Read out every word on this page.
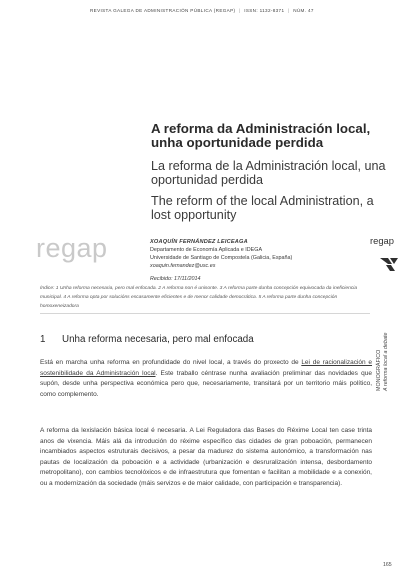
REVISTA GALEGA DE ADMINISTRACIÓN PÚBLICA (REGAP) | ISSN: 1132-8371 | NÚM. 47
A reforma da Administración local, unha oportunidade perdida
La reforma de la Administración local, una oportunidad perdida
The reform of the local Administration, a lost opportunity
regap	XOAQUÍN FERNÁNDEZ LEICEAGA
Departamento de Economía Aplicada e IDEGA
Universidade de Santiago de Compostela (Galicia, España)
xoaquin.fernandez@usc.es
Recibido: 17/11/2014
regap
MONOGRÁFICO A reforma local a debate
Índice: 1 Unha reforma necesaria, pero mal enfocada. 2 A reforma non é unisonte. 3 A reforma parte dunha concepción equivocada da ineficiencia municipal. 4 A reforma opta por solucións escasamente eficientes e de menor calidade democrática. 5 A reforma parte dunha concepción homoxeneizadora
1 Unha reforma necesaria, pero mal enfocada
Está en marcha unha reforma en profundidade do nivel local, a través do proxecto de Lei de racionalización e sostenibilidade da Administración local. Este traballo céntrase nunha avaliación preliminar das novidades que supón, desde unha perspectiva económica pero que, necesariamente, transitará por un territorio máis político, como complemento.
A reforma da lexislación básica local é necesaria. A Lei Reguladora das Bases do Réxime Local ten case trinta anos de vixencia. Máis alá da introdución do réxime específico das cidades de gran poboación, permanecen incambiados aspectos estruturais decisivos, a pesar da madurez do sistema autonómico, a transformación nas pautas de localización da poboación e a actividade (urbanización e desruralización intensa, desbordamento metropolitano), con cambios tecnolóxicos e de infraestrutura que fomentan e facilitan a mobilidade e a conexión, ou a modernización da sociedade (máis servizos e de maior calidade, con participación e transparencia).
165
